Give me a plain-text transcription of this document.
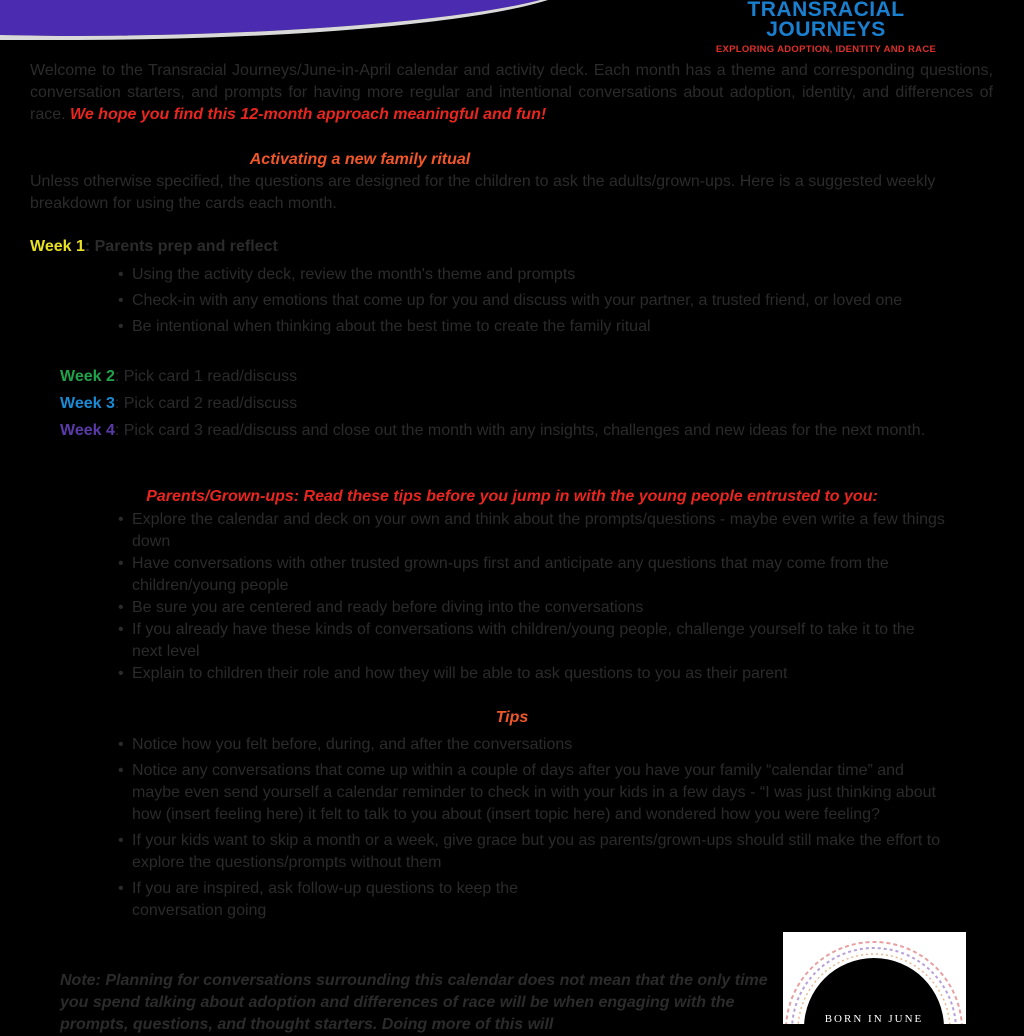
TRANSRACIAL JOURNEYS
EXPLORING ADOPTION, IDENTITY AND RACE

Welcome to the Transracial Journeys/June-in-April calendar and activity deck. Each month has a theme and corresponding questions, conversation starters, and prompts for having more regular and intentional conversations about adoption, identity, and differences of race. We hope you find this 12-month approach meaningful and fun!

Activating a new family ritual

Unless otherwise specified, the questions are designed for the children to ask the adults/grown-ups. Here is a suggested weekly breakdown for using the cards each month.

Week 1: Parents prep and reflect

• Using the activity deck, review the month's theme and prompts
• Check-in with any emotions that come up for you and discuss with your partner, a trusted friend, or loved one
• Be intentional when thinking about the best time to create the family ritual

Week 2: Pick card 1 read/discuss

Week 3: Pick card 2 read/discuss

Week 4: Pick card 3 read/discuss and close out the month with any insights, challenges and new ideas for the next month.

Parents/Grown-ups: Read these tips before you jump in with the young people entrusted to you:

• Explore the calendar and deck on your own and think about the prompts/questions - maybe even write a few things down
• Have conversations with other trusted grown-ups first and anticipate any questions that may come from the children/young people
• Be sure you are centered and ready before diving into the conversations
• If you already have these kinds of conversations with children/young people, challenge yourself to take it to the next level
• Explain to children their role and how they will be able to ask questions to you as their parent

Tips

• Notice how you felt before, during, and after the conversations
• Notice any conversations that come up within a couple of days after you have your family “calendar time” and maybe even send yourself a calendar reminder to check in with your kids in a few days - “I was just thinking about how (insert feeling here) it felt to talk to you about (insert topic here) and wondered how you were feeling?
• If your kids want to skip a month or a week, give grace but you as parents/grown-ups should still make the effort to explore the questions/prompts without them
• If you are inspired, ask follow-up questions to keep the conversation going

Note: Planning for conversations surrounding this calendar does not mean that the only time you spend talking about adoption and differences of race will be when engaging with the prompts, questions, and thought starters. Doing more of this will	BORN IN JUNE
